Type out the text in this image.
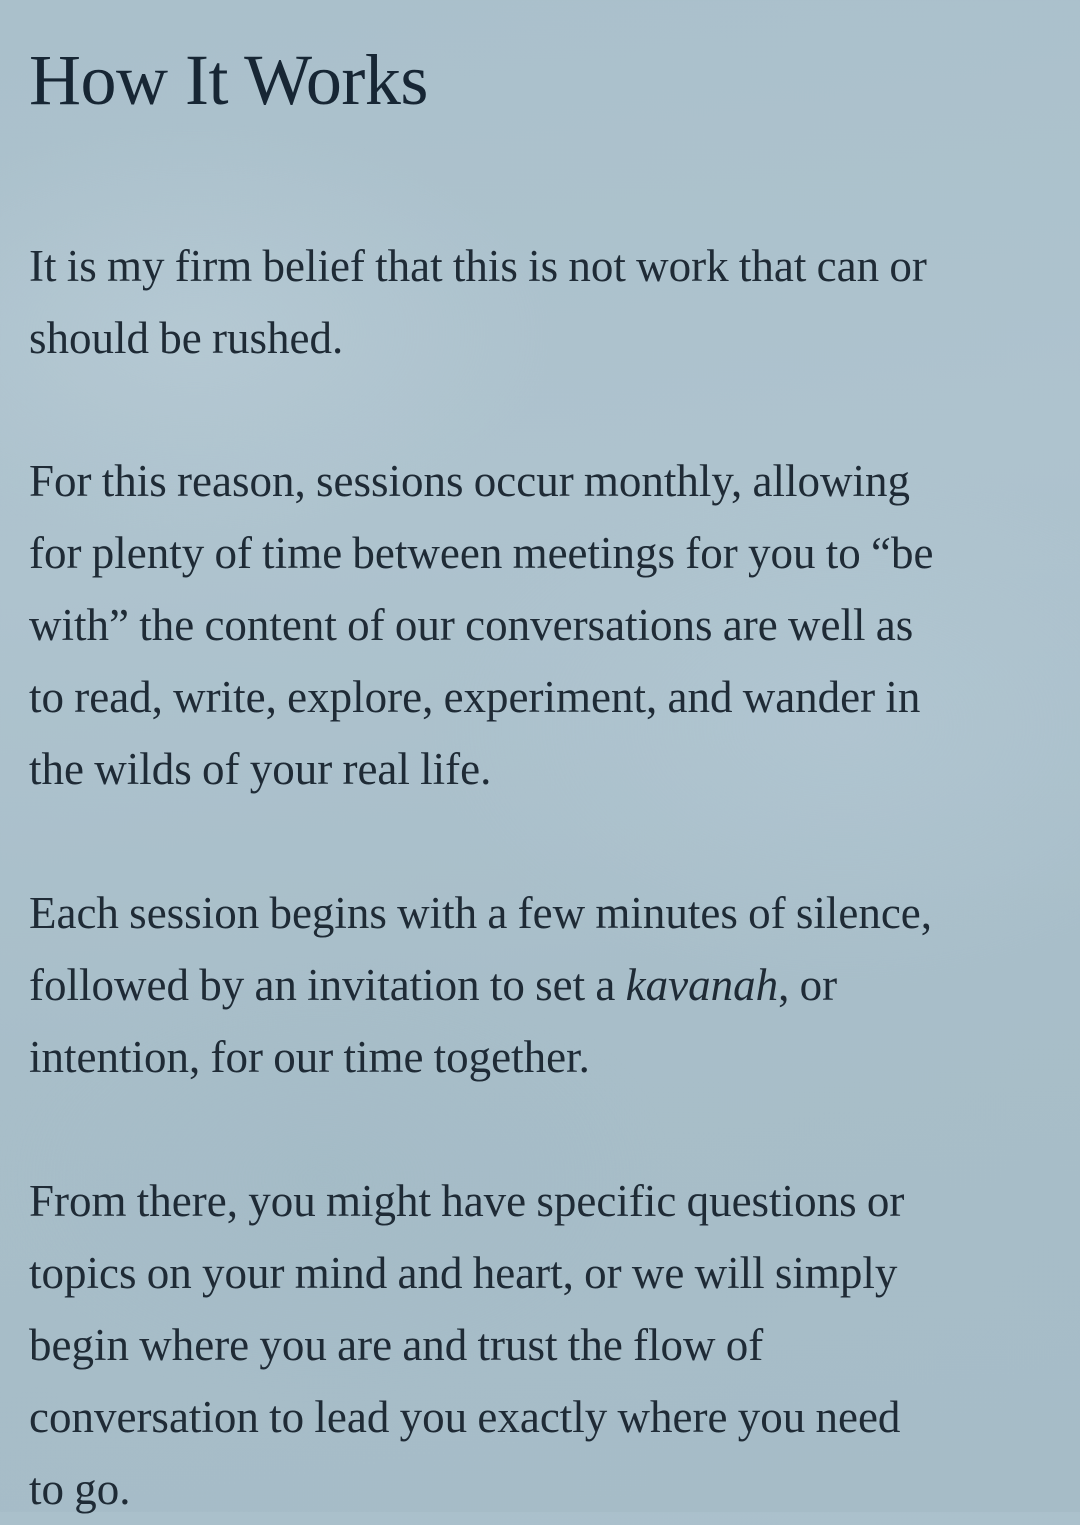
How It Works

It is my firm belief that this is not work that can or
should be rushed.

For this reason, sessions occur monthly, allowing
for plenty of time between meetings for you to “be
with” the content of our conversations are well as
to read, write, explore, experiment, and wander in
the wilds of your real life.

Each session begins with a few minutes of silence,
followed by an invitation to set a kavanah, or
intention, for our time together.

From there, you might have specific questions or
topics on your mind and heart, or we will simply
begin where you are and trust the flow of
conversation to lead you exactly where you need
to go.
